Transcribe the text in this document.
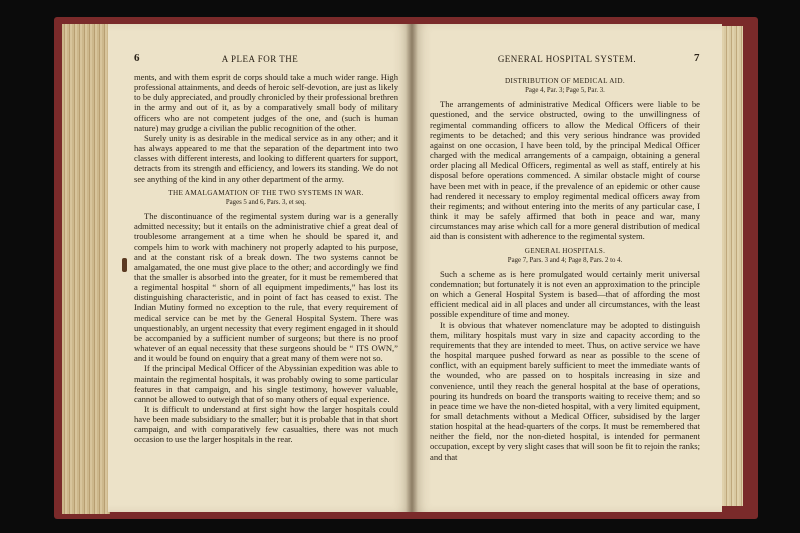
6	A PLEA FOR THE

ments, and with them esprit de corps should take a much wider range. High professional attainments, and deeds of heroic self-devotion, are just as likely to be duly appreciated, and proudly chronicled by their professional brethren in the army and out of it, as by a comparatively small body of military officers who are not competent judges of the one, and (such is human nature) may grudge a civilian the public recognition of the other.

Surely unity is as desirable in the medical service as in any other; and it has always appeared to me that the separation of the department into two classes with different interests, and looking to different quarters for support, detracts from its strength and efficiency, and lowers its standing. We do not see anything of the kind in any other department of the army.

THE AMALGAMATION OF THE TWO SYSTEMS IN WAR.
Pages 5 and 6, Pars. 3, et seq.

The discontinuance of the regimental system during war is a generally admitted necessity; but it entails on the administrative chief a great deal of troublesome arrangement at a time when he should be spared it, and compels him to work with machinery not properly adapted to his purpose, and at the constant risk of a break down. The two systems cannot be amalgamated, the one must give place to the other; and accordingly we find that the smaller is absorbed into the greater, for it must be remembered that a regimental hospital “ shorn of all equipment impediments,” has lost its distinguishing characteristic, and in point of fact has ceased to exist. The Indian Mutiny formed no exception to the rule, that every requirement of medical service can be met by the General Hospital System. There was unquestionably, an urgent necessity that every regiment engaged in it should be accompanied by a sufficient number of surgeons; but there is no proof whatever of an equal necessity that these surgeons should be “ ITS OWN,” and it would be found on enquiry that a great many of them were not so.

If the principal Medical Officer of the Abyssinian expedition was able to maintain the regimental hospitals, it was probably owing to some particular features in that campaign, and his single testimony, however valuable, cannot be allowed to outweigh that of so many others of equal experience.

It is difficult to understand at first sight how the larger hospitals could have been made subsidiary to the smaller; but it is probable that in that short campaign, and with comparatively few casualties, there was not much occasion to use the larger hospitals in the rear.

GENERAL HOSPITAL SYSTEM.	7
DISTRIBUTION OF MEDICAL AID.
Page 4, Par. 3; Page 5, Par. 3.

The arrangements of administrative Medical Officers were liable to be questioned, and the service obstructed, owing to the unwillingness of regimental commanding officers to allow the Medical Officers of their regiments to be detached; and this very serious hindrance was provided against on one occasion, I have been told, by the principal Medical Officer charged with the medical arrangements of a campaign, obtaining a general order placing all Medical Officers, regimental as well as staff, entirely at his disposal before operations commenced. A similar obstacle might of course have been met with in peace, if the prevalence of an epidemic or other cause had rendered it necessary to employ regimental medical officers away from their regiments; and without entering into the merits of any particular case, I think it may be safely affirmed that both in peace and war, many circumstances may arise which call for a more general distribution of medical aid than is consistent with adherence to the regimental system.

GENERAL HOSPITALS.
Page 7, Pars. 3 and 4; Page 8, Pars. 2 to 4.

Such a scheme as is here promulgated would certainly merit universal condemnation; but fortunately it is not even an approximation to the principle on which a General Hospital System is based—that of affording the most efficient medical aid in all places and under all circumstances, with the least possible expenditure of time and money.

It is obvious that whatever nomenclature may be adopted to distinguish them, military hospitals must vary in size and capacity according to the requirements that they are intended to meet. Thus, on active service we have the hospital marquee pushed forward as near as possible to the scene of conflict, with an equipment barely sufficient to meet the immediate wants of the wounded, who are passed on to hospitals increasing in size and convenience, until they reach the general hospital at the base of operations, pouring its hundreds on board the transports waiting to receive them; and so in peace time we have the non-dieted hospital, with a very limited equipment, for small detachments without a Medical Officer, subsidised by the larger station hospital at the head-quarters of the corps. It must be remembered that neither the field, nor the non-dieted hospital, is intended for permanent occupation, except by very slight cases that will soon be fit to rejoin the ranks; and that
